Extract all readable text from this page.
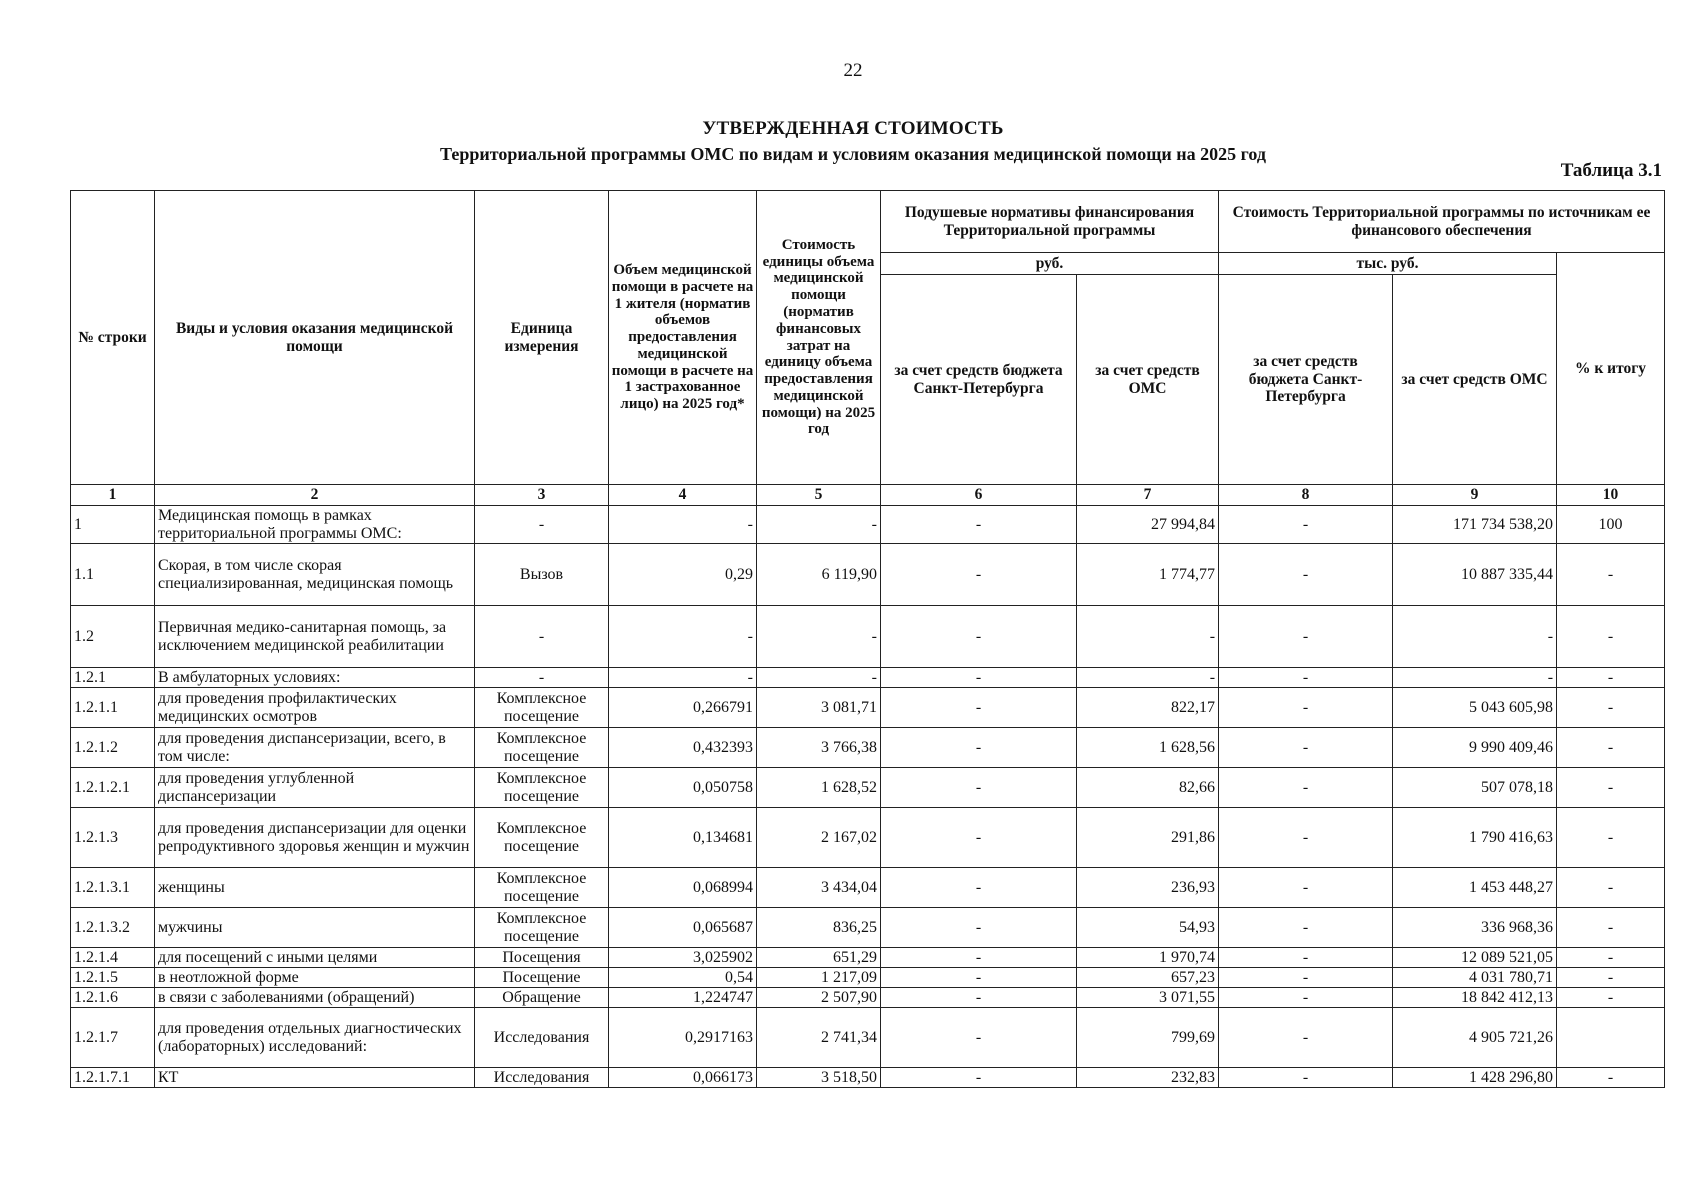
22
УТВЕРЖДЕННАЯ СТОИМОСТЬ
Территориальной программы ОМС по видам и условиям оказания медицинской помощи на 2025 год
Таблица 3.1
№ строки	Виды и условия оказания медицинской помощи	Единица измерения	Объем медицинской помощи в расчете на 1 жителя (норматив объемов предоставления медицинской помощи в расчете на 1 застрахованное лицо) на 2025 год*	Стоимость единицы объема медицинской помощи (норматив финансовых затрат на единицу объема предоставления медицинской помощи) на 2025 год	Подушевые нормативы финансирования Территориальной программы		Стоимость Территориальной программы по источникам ее финансового обеспечения		
					руб.		тыс. руб.		% к итогу
					за счет средств бюджета Санкт-Петербурга	за счет средств ОМС	за счет средств бюджета Санкт-Петербурга	за счет средств ОМС	
1	2	3	4	5	6	7	8	9	10
1	Медицинская помощь в рамках территориальной программы ОМС:	-	-	-	-	27 994,84	-	171 734 538,20	100
1.1	Скорая, в том числе скорая специализированная, медицинская помощь	Вызов	0,29	6 119,90	-	1 774,77	-	10 887 335,44	-
1.2	Первичная медико-санитарная помощь, за исключением медицинской реабилитации	-	-	-	-	-	-	-	-
1.2.1	В амбулаторных условиях:	-	-	-	-	-	-	-	-
1.2.1.1	для проведения профилактических медицинских осмотров	Комплексное посещение	0,266791	3 081,71	-	822,17	-	5 043 605,98	-
1.2.1.2	для проведения диспансеризации, всего, в том числе:	Комплексное посещение	0,432393	3 766,38	-	1 628,56	-	9 990 409,46	-
1.2.1.2.1	для проведения углубленной диспансеризации	Комплексное посещение	0,050758	1 628,52	-	82,66	-	507 078,18	-
1.2.1.3	для проведения диспансеризации для оценки репродуктивного здоровья женщин и мужчин	Комплексное посещение	0,134681	2 167,02	-	291,86	-	1 790 416,63	-
1.2.1.3.1	женщины	Комплексное посещение	0,068994	3 434,04	-	236,93	-	1 453 448,27	-
1.2.1.3.2	мужчины	Комплексное посещение	0,065687	836,25	-	54,93	-	336 968,36	-
1.2.1.4	для посещений с иными целями	Посещения	3,025902	651,29	-	1 970,74	-	12 089 521,05	-
1.2.1.5	в неотложной форме	Посещение	0,54	1 217,09	-	657,23	-	4 031 780,71	-
1.2.1.6	в связи с заболеваниями (обращений)	Обращение	1,224747	2 507,90	-	3 071,55	-	18 842 412,13	-
1.2.1.7	для проведения отдельных диагностических (лабораторных) исследований:	Исследования	0,2917163	2 741,34	-	799,69	-	4 905 721,26	
1.2.1.7.1	КТ	Исследования	0,066173	3 518,50	-	232,83	-	1 428 296,80	-
